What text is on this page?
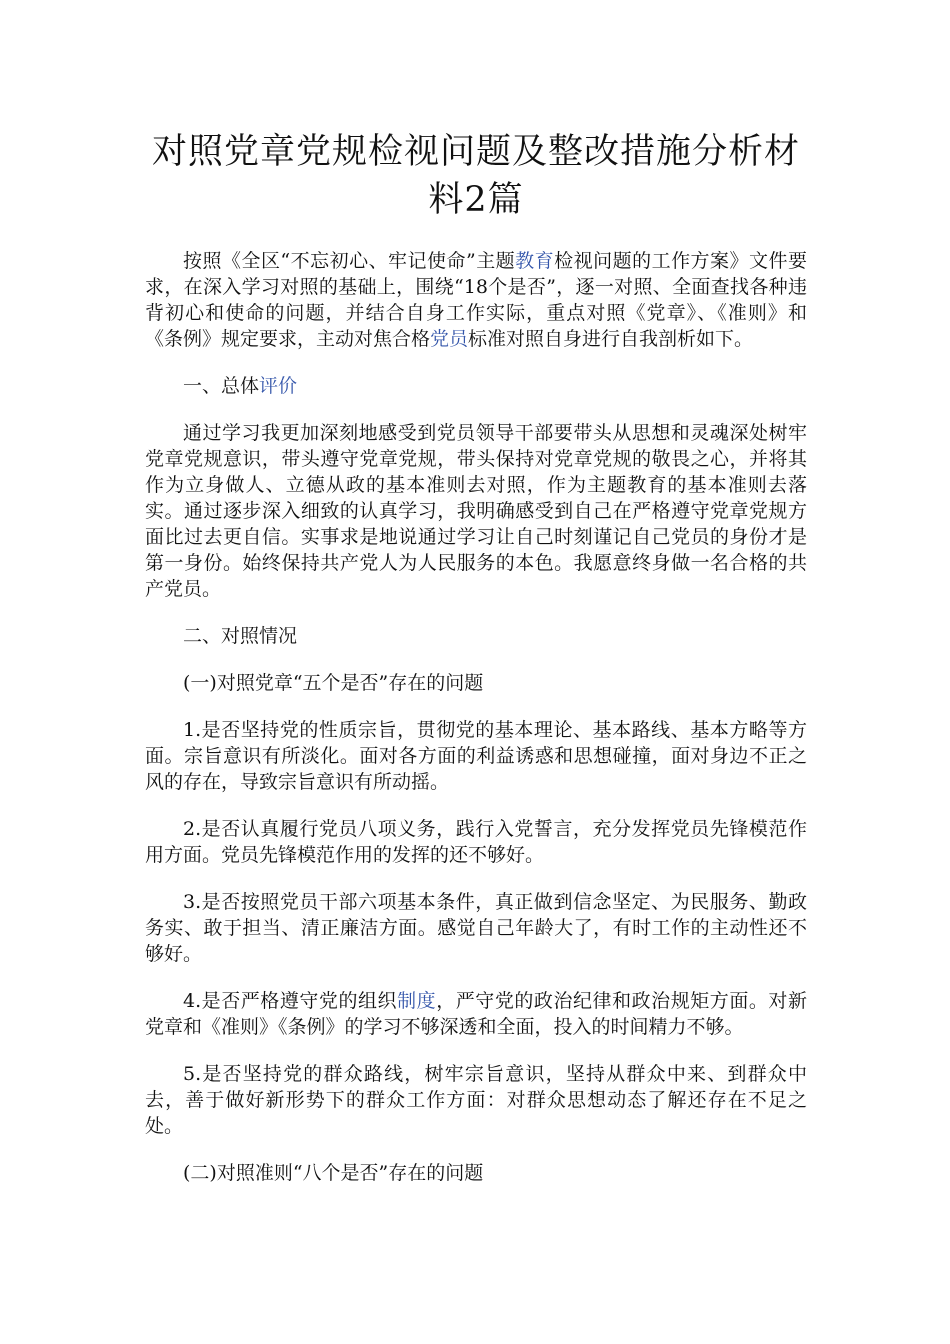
对照党章党规检视问题及整改措施分析材
料2篇

按照《全区“不忘初心、牢记使命”主题教育检视问题的工作方案》文件要求，在深入学习对照的基础上，围绕“18个是否”，逐一对照、全面查找各种违背初心和使命的问题，并结合自身工作实际，重点对照《党章》、《准则》和《条例》规定要求，主动对焦合格党员标准对照自身进行自我剖析如下。

一、总体评价

通过学习我更加深刻地感受到党员领导干部要带头从思想和灵魂深处树牢党章党规意识，带头遵守党章党规，带头保持对党章党规的敬畏之心，并将其作为立身做人、立德从政的基本准则去对照，作为主题教育的基本准则去落实。通过逐步深入细致的认真学习，我明确感受到自己在严格遵守党章党规方面比过去更自信。实事求是地说通过学习让自己时刻谨记自己党员的身份才是第一身份。始终保持共产党人为人民服务的本色。我愿意终身做一名合格的共产党员。

二、对照情况

(一)对照党章“五个是否”存在的问题

1.是否坚持党的性质宗旨，贯彻党的基本理论、基本路线、基本方略等方面。宗旨意识有所淡化。面对各方面的利益诱惑和思想碰撞，面对身边不正之风的存在，导致宗旨意识有所动摇。

2.是否认真履行党员八项义务，践行入党誓言，充分发挥党员先锋模范作用方面。党员先锋模范作用的发挥的还不够好。

3.是否按照党员干部六项基本条件，真正做到信念坚定、为民服务、勤政务实、敢于担当、清正廉洁方面。感觉自己年龄大了，有时工作的主动性还不够好。

4.是否严格遵守党的组织制度，严守党的政治纪律和政治规矩方面。对新党章和《准则》《条例》的学习不够深透和全面，投入的时间精力不够。

5.是否坚持党的群众路线，树牢宗旨意识，坚持从群众中来、到群众中去，善于做好新形势下的群众工作方面：对群众思想动态了解还存在不足之处。

(二)对照准则“八个是否”存在的问题
